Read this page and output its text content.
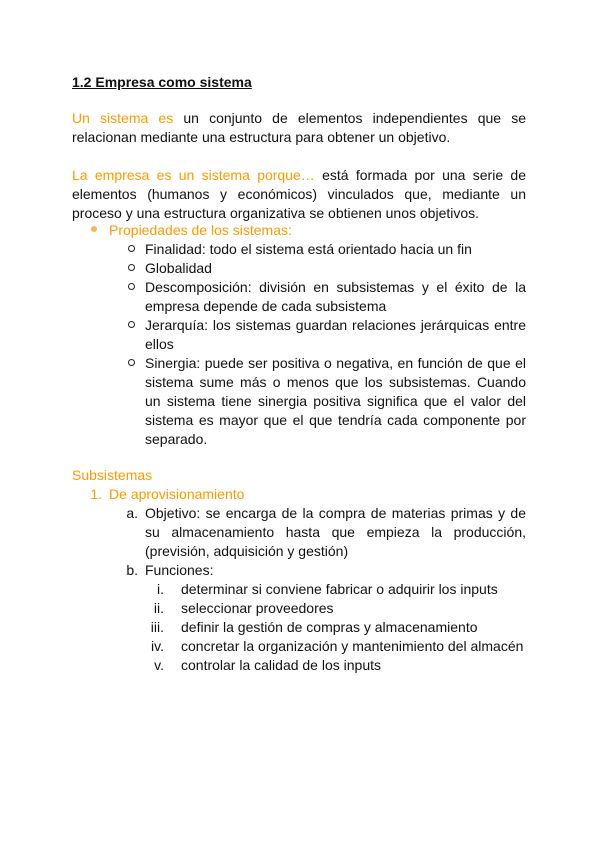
1.2 Empresa como sistema
Un sistema es un conjunto de elementos independientes que se
relacionan mediante una estructura para obtener un objetivo.
La empresa es un sistema porque… está formada por una serie de
elementos (humanos y económicos) vinculados que, mediante un
proceso y una estructura organizativa se obtienen unos objetivos.
Propiedades de los sistemas:
Finalidad: todo el sistema está orientado hacia un fin
Globalidad
Descomposición: división en subsistemas y el éxito de la
empresa depende de cada subsistema
Jerarquía: los sistemas guardan relaciones jerárquicas entre
ellos
Sinergia: puede ser positiva o negativa, en función de que el
sistema sume más o menos que los subsistemas. Cuando
un sistema tiene sinergia positiva significa que el valor del
sistema es mayor que el que tendría cada componente por
separado.
Subsistemas
1. De aprovisionamiento
a. Objetivo: se encarga de la compra de materias primas y de
su almacenamiento hasta que empieza la producción,
(previsión, adquisición y gestión)
b. Funciones:
i. determinar si conviene fabricar o adquirir los inputs
ii. seleccionar proveedores
iii. definir la gestión de compras y almacenamiento
iv. concretar la organización y mantenimiento del almacén
v. controlar la calidad de los inputs
